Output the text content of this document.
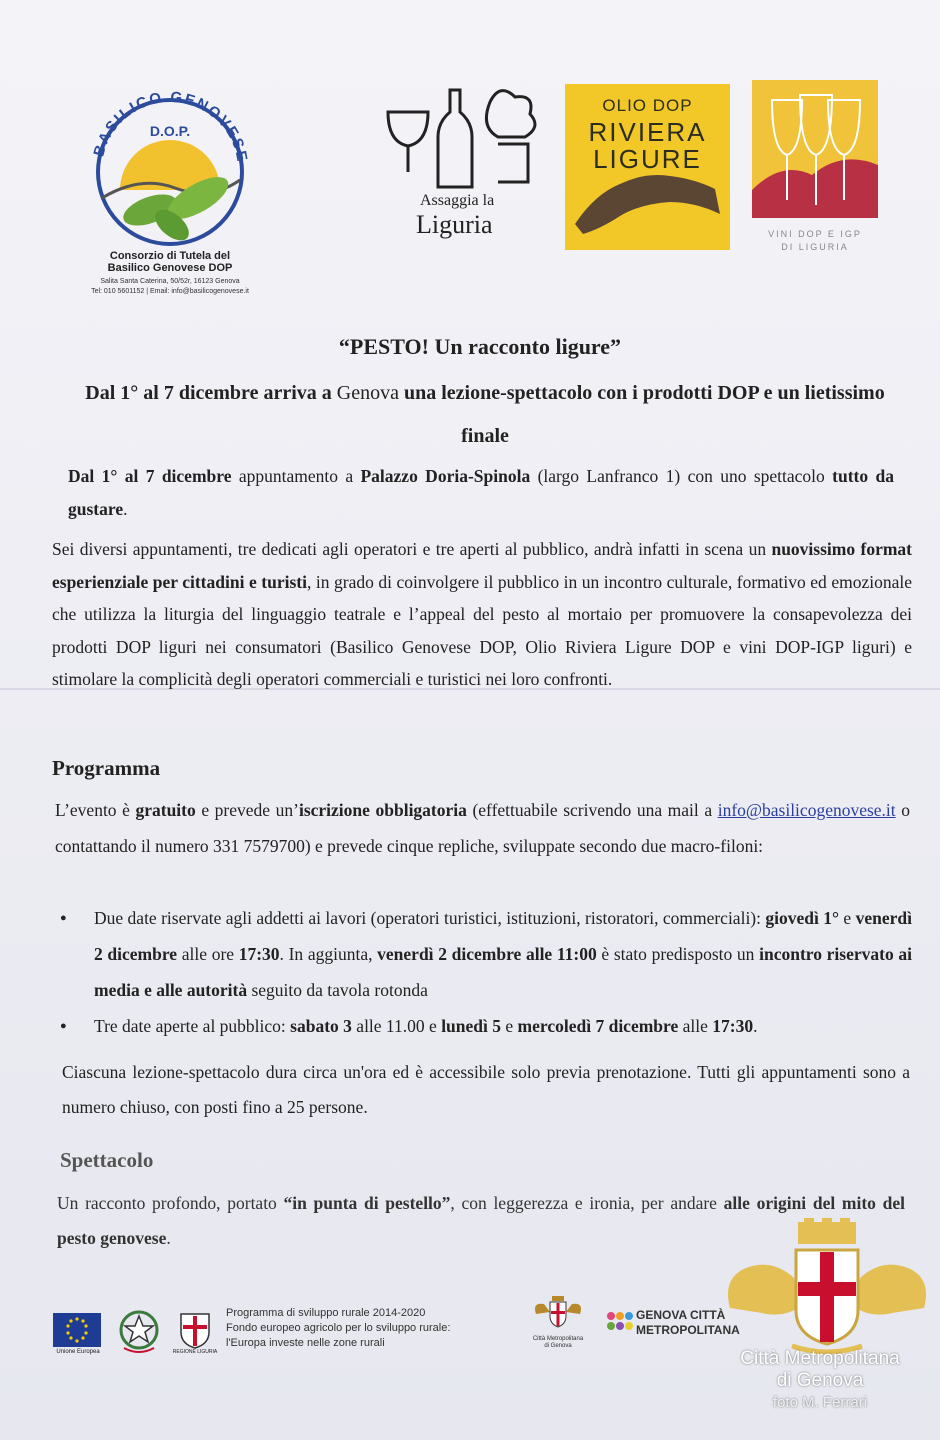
BASILICO GENOVESE
D.O.P.
Consorzio di Tutela del
Basilico Genovese DOP
Salita Santa Caterina, 50/52r, 16123 Genova
Tel: 010 5601152 | Email: info@basilicogenovese.it
Assaggia la
Liguria
OLIO DOP
RIVIERA
LIGURE
VINI DOP E IGP
DI LIGURIA
“PESTO! Un racconto ligure”
Dal 1° al 7 dicembre arriva a Genova una lezione-spettacolo con i prodotti DOP e un lietissimo finale
Dal 1° al 7 dicembre appuntamento a Palazzo Doria-Spinola (largo Lanfranco 1) con uno spettacolo tutto da gustare.
Sei diversi appuntamenti, tre dedicati agli operatori e tre aperti al pubblico, andrà infatti in scena un nuovissimo format esperienziale per cittadini e turisti, in grado di coinvolgere il pubblico in un incontro culturale, formativo ed emozionale che utilizza la liturgia del linguaggio teatrale e l’appeal del pesto al mortaio per promuovere la consapevolezza dei prodotti DOP liguri nei consumatori (Basilico Genovese DOP, Olio Riviera Ligure DOP e vini DOP-IGP liguri) e stimolare la complicità degli operatori commerciali e turistici nei loro confronti.
Programma
L’evento è gratuito e prevede un’iscrizione obbligatoria (effettuabile scrivendo una mail a info@basilicogenovese.it o contattando il numero 331 7579700) e prevede cinque repliche, sviluppate secondo due macro-filoni:
● Due date riservate agli addetti ai lavori (operatori turistici, istituzioni, ristoratori, commerciali): giovedì 1° e venerdì 2 dicembre alle ore 17:30. In aggiunta, venerdì 2 dicembre alle 11:00 è stato predisposto un incontro riservato ai media e alle autorità seguito da tavola rotonda
● Tre date aperte al pubblico: sabato 3 alle 11.00 e lunedì 5 e mercoledì 7 dicembre alle 17:30.
Ciascuna lezione-spettacolo dura circa un'ora ed è accessibile solo previa prenotazione. Tutti gli appuntamenti sono a numero chiuso, con posti fino a 25 persone.
Spettacolo
Un racconto profondo, portato “in punta di pestello”, con leggerezza e ironia, per andare alle origini del mito del pesto genovese.
Unione Europea	REGIONE LIGURIA
Programma di sviluppo rurale 2014-2020
Fondo europeo agricolo per lo sviluppo rurale:
l'Europa investe nelle zone rurali	Città Metropolitana
di Genova
GENOVA CITTÀ
METROPOLITANA
Città Metropolitana
di Genova
foto M. Ferrari
